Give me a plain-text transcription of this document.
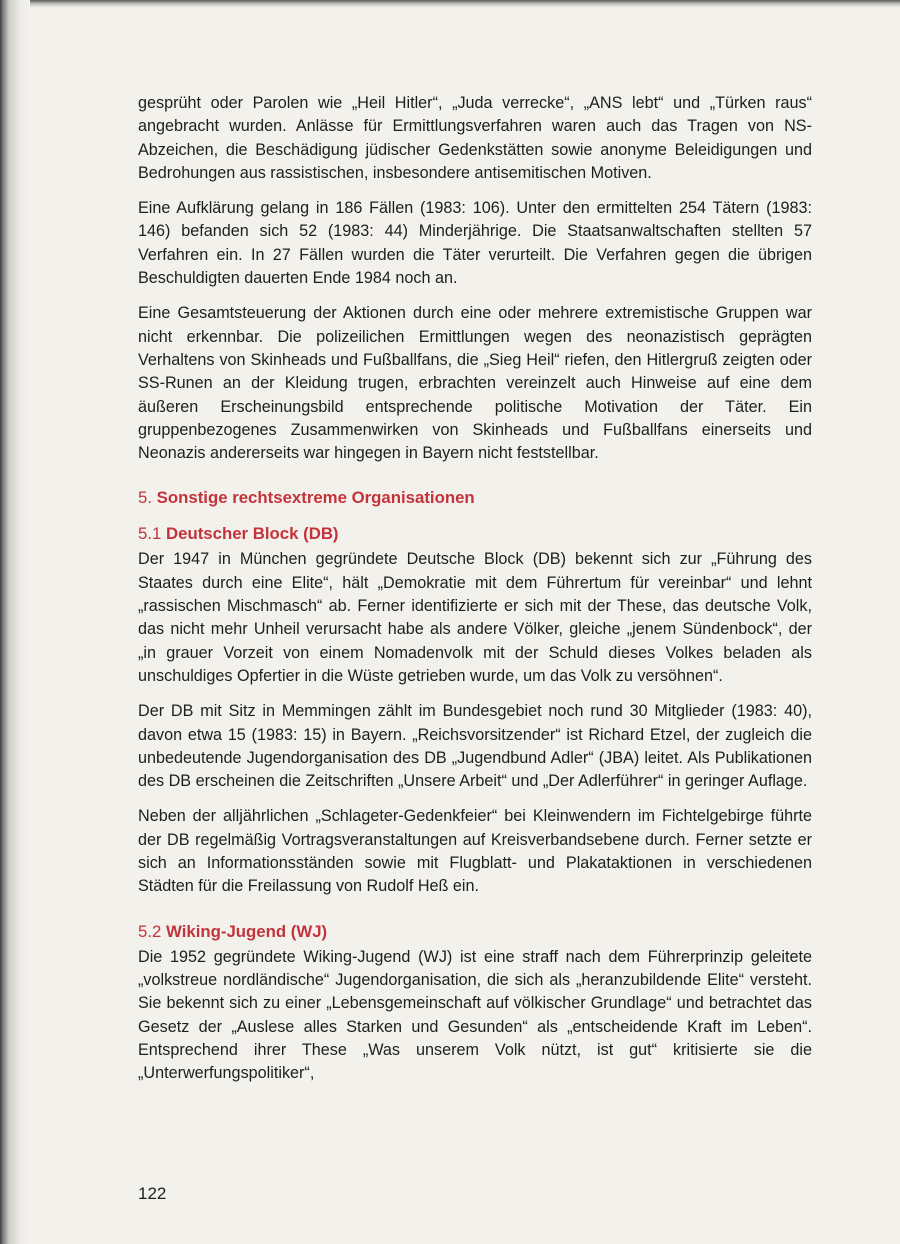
gesprüht oder Parolen wie „Heil Hitler“, „Juda verrecke“, „ANS lebt“ und „Türken raus“ angebracht wurden. Anlässe für Ermittlungsverfahren waren auch das Tragen von NS-Abzeichen, die Beschädigung jüdischer Gedenkstätten sowie anonyme Beleidigungen und Bedrohungen aus rassistischen, insbesondere antisemitischen Motiven.

Eine Aufklärung gelang in 186 Fällen (1983: 106). Unter den ermittelten 254 Tätern (1983: 146) befanden sich 52 (1983: 44) Minderjährige. Die Staatsanwaltschaften stellten 57 Verfahren ein. In 27 Fällen wurden die Täter verurteilt. Die Verfahren gegen die übrigen Beschuldigten dauerten Ende 1984 noch an.

Eine Gesamtsteuerung der Aktionen durch eine oder mehrere extremistische Gruppen war nicht erkennbar. Die polizeilichen Ermittlungen wegen des neonazistisch geprägten Verhaltens von Skinheads und Fußballfans, die „Sieg Heil“ riefen, den Hitlergruß zeigten oder SS-Runen an der Kleidung trugen, erbrachten vereinzelt auch Hinweise auf eine dem äußeren Erscheinungsbild entsprechende politische Motivation der Täter. Ein gruppenbezogenes Zusammenwirken von Skinheads und Fußballfans einerseits und Neonazis andererseits war hingegen in Bayern nicht feststellbar.

5. Sonstige rechtsextreme Organisationen
5.1 Deutscher Block (DB)

Der 1947 in München gegründete Deutsche Block (DB) bekennt sich zur „Führung des Staates durch eine Elite“, hält „Demokratie mit dem Führertum für vereinbar“ und lehnt „rassischen Mischmasch“ ab. Ferner identifizierte er sich mit der These, das deutsche Volk, das nicht mehr Unheil verursacht habe als andere Völker, gleiche „jenem Sündenbock“, der „in grauer Vorzeit von einem Nomadenvolk mit der Schuld dieses Volkes beladen als unschuldiges Opfertier in die Wüste getrieben wurde, um das Volk zu versöhnen“.

Der DB mit Sitz in Memmingen zählt im Bundesgebiet noch rund 30 Mitglieder (1983: 40), davon etwa 15 (1983: 15) in Bayern. „Reichsvorsitzender“ ist Richard Etzel, der zugleich die unbedeutende Jugendorganisation des DB „Jugendbund Adler“ (JBA) leitet. Als Publikationen des DB erscheinen die Zeitschriften „Unsere Arbeit“ und „Der Adlerführer“ in geringer Auflage.

Neben der alljährlichen „Schlageter-Gedenkfeier“ bei Kleinwendern im Fichtelgebirge führte der DB regelmäßig Vortragsveranstaltungen auf Kreisverbandsebene durch. Ferner setzte er sich an Informationsständen sowie mit Flugblatt- und Plakataktionen in verschiedenen Städten für die Freilassung von Rudolf Heß ein.

5.2 Wiking-Jugend (WJ)

Die 1952 gegründete Wiking-Jugend (WJ) ist eine straff nach dem Führerprinzip geleitete „volkstreue nordländische“ Jugendorganisation, die sich als „heranzubildende Elite“ versteht. Sie bekennt sich zu einer „Lebensgemeinschaft auf völkischer Grundlage“ und betrachtet das Gesetz der „Auslese alles Starken und Gesunden“ als „entscheidende Kraft im Leben“. Entsprechend ihrer These „Was unserem Volk nützt, ist gut“ kritisierte sie die „Unterwerfungspolitiker“,

122
